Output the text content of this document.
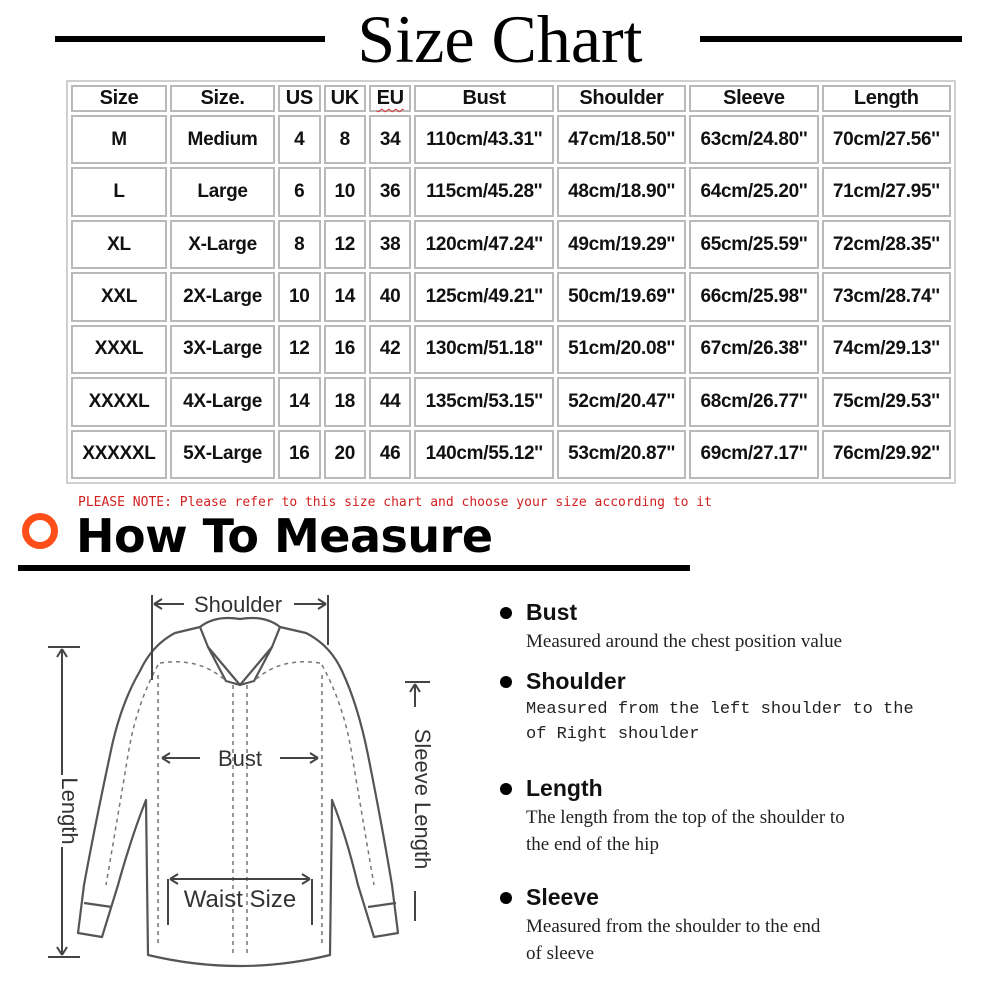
Size Chart
Size	Size.	US	UK	EU	Bust	Shoulder	Sleeve	Length
M	Medium	4	8	34	110cm/43.31''	47cm/18.50''	63cm/24.80''	70cm/27.56''
L	Large	6	10	36	115cm/45.28''	48cm/18.90''	64cm/25.20''	71cm/27.95''
XL	X-Large	8	12	38	120cm/47.24''	49cm/19.29''	65cm/25.59''	72cm/28.35''
XXL	2X-Large	10	14	40	125cm/49.21''	50cm/19.69''	66cm/25.98''	73cm/28.74''
XXXL	3X-Large	12	16	42	130cm/51.18''	51cm/20.08''	67cm/26.38''	74cm/29.13''
XXXXL	4X-Large	14	18	44	135cm/53.15''	52cm/20.47''	68cm/26.77''	75cm/29.53''
XXXXXL	5X-Large	16	20	46	140cm/55.12''	53cm/20.87''	69cm/27.17''	76cm/29.92''
PLEASE NOTE: Please refer to this size chart and choose your size according to it
How To Measure
Shoulder
Bust
Waist Size
Length	Sleeve Length
Bust
Measured around the chest position value
Shoulder
Measured from the left shoulder to the
of Right shoulder
Length
The length from the top of the shoulder to
the end of the hip
Sleeve
Measured from the shoulder to the end
of sleeve
